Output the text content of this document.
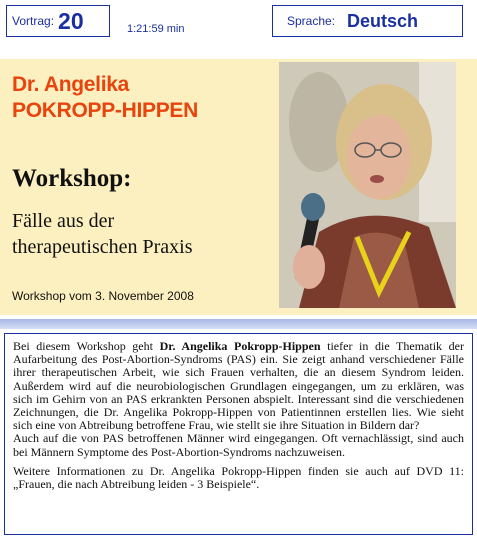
Vortrag: 20	1:21:59 min
Sprache: Deutsch
Dr. Angelika
POKROPP-HIPPEN
Workshop:
Fälle aus der
therapeutischen Praxis
Workshop vom 3. November 2008

Bei diesem Workshop geht Dr. Angelika Pokropp-Hippen tiefer in die Thematik der Aufarbeitung des Post-Abortion-Syndroms (PAS) ein. Sie zeigt anhand verschiedener Fälle ihrer therapeutischen Arbeit, wie sich Frauen verhalten, die an diesem Syndrom leiden. Außerdem wird auf die neurobiologischen Grundlagen eingegangen, um zu erklären, was sich im Gehirn von an PAS erkrankten Personen abspielt. Interessant sind die verschiedenen Zeichnungen, die Dr. Angelika Pokropp-Hippen von Patientinnen erstellen lies. Wie sieht sich eine von Abtreibung betroffene Frau, wie stellt sie ihre Situation in Bildern dar?

Auch auf die von PAS betroffenen Männer wird eingegangen. Oft vernachlässigt, sind auch bei Männern Symptome des Post-Abortion-Syndroms nachzuweisen.

Weitere Informationen zu Dr. Angelika Pokropp-Hippen finden sie auch auf DVD 11: „Frauen, die nach Abtreibung leiden - 3 Beispiele“.
